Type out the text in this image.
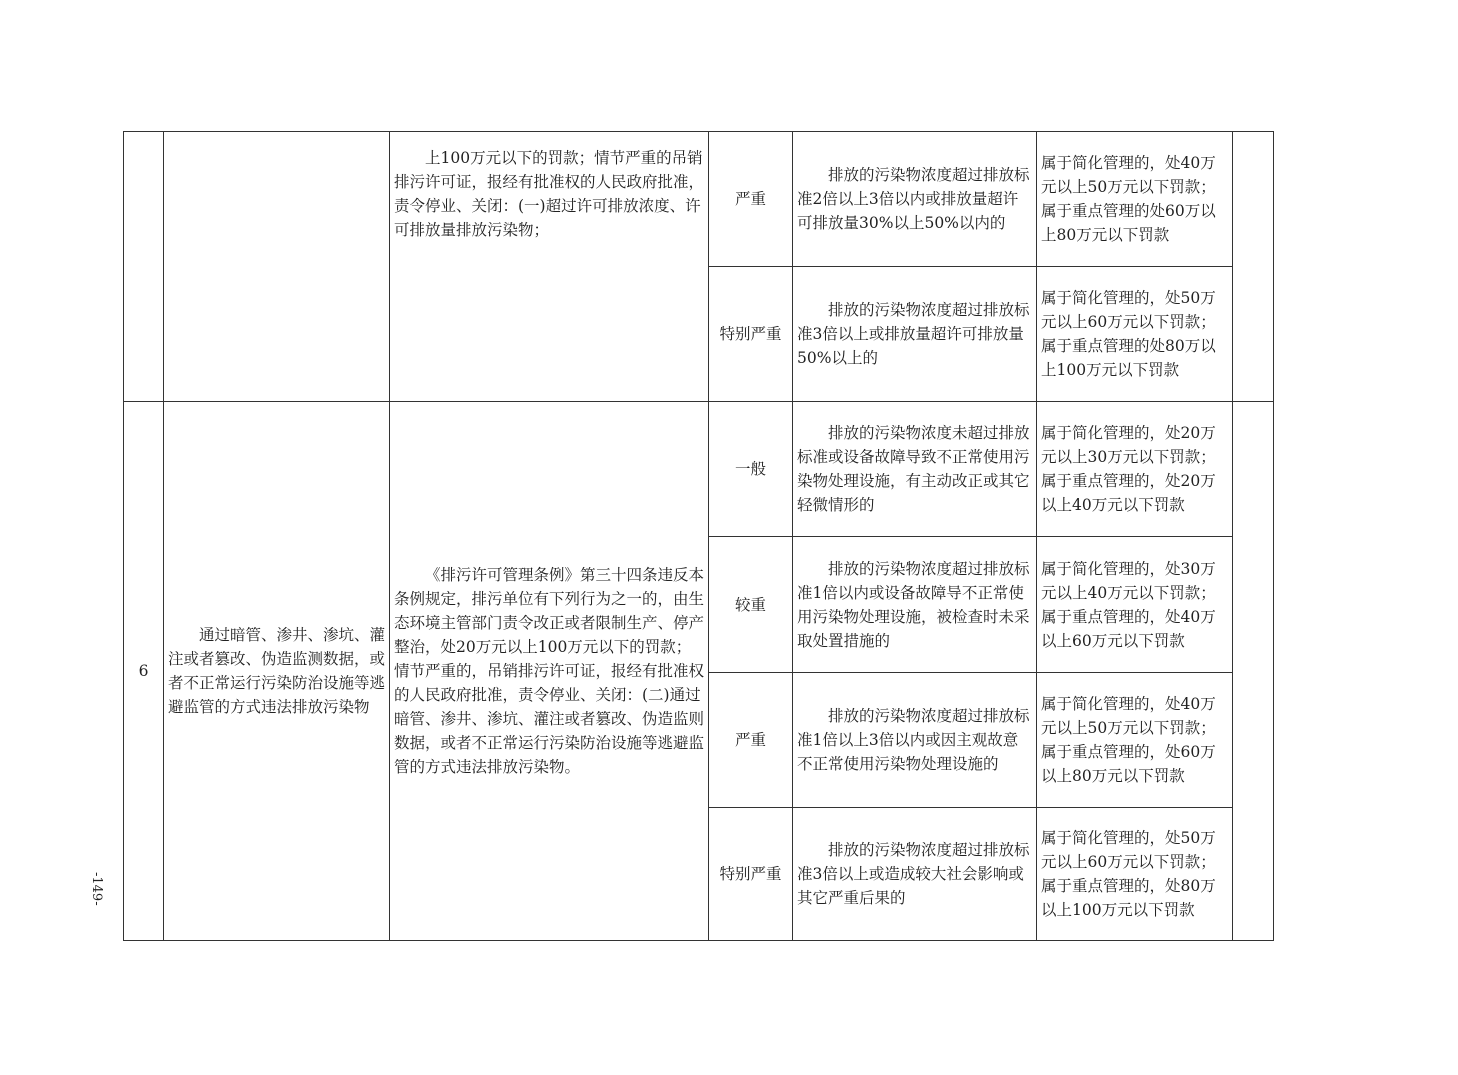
		上100万元以下的罚款；情节严重的吊销排污许可证，报经有批准权的人民政府批准，责令停业、关闭：(一)超过许可排放浓度、许可排放量排放污染物；	严重	排放的污染物浓度超过排放标准2倍以上3倍以内或排放量超许可排放量30%以上50%以内的	属于简化管理的，处40万元以上50万元以下罚款；属于重点管理的处60万以上80万元以下罚款	
			特别严重	排放的污染物浓度超过排放标准3倍以上或排放量超许可排放量50%以上的	属于简化管理的，处50万元以上60万元以下罚款；属于重点管理的处80万以上100万元以下罚款	
6	通过暗管、渗井、渗坑、灌注或者篡改、伪造监测数据，或者不正常运行污染防治设施等逃避监管的方式违法排放污染物	《排污许可管理条例》第三十四条违反本条例规定，排污单位有下列行为之一的，由生态环境主管部门责令改正或者限制生产、停产整治，处20万元以上100万元以下的罚款；情节严重的，吊销排污许可证，报经有批准权的人民政府批准，责令停业、关闭：(二)通过暗管、渗井、渗坑、灌注或者篡改、伪造监则数据，或者不正常运行污染防治设施等逃避监管的方式违法排放污染物。	一般	排放的污染物浓度未超过排放标准或设备故障导致不正常使用污染物处理设施，有主动改正或其它轻微情形的	属于简化管理的，处20万元以上30万元以下罚款；属于重点管理的，处20万以上40万元以下罚款	
			较重	排放的污染物浓度超过排放标准1倍以内或设备故障导不正常使用污染物处理设施，被检查时未采取处置措施的	属于简化管理的，处30万元以上40万元以下罚款；属于重点管理的，处40万以上60万元以下罚款	
			严重	排放的污染物浓度超过排放标准1倍以上3倍以内或因主观故意不正常使用污染物处理设施的	属于简化管理的，处40万元以上50万元以下罚款；属于重点管理的，处60万以上80万元以下罚款	
			特别严重	排放的污染物浓度超过排放标准3倍以上或造成较大社会影响或其它严重后果的	属于简化管理的，处50万元以上60万元以下罚款；属于重点管理的，处80万以上100万元以下罚款	
-149-
